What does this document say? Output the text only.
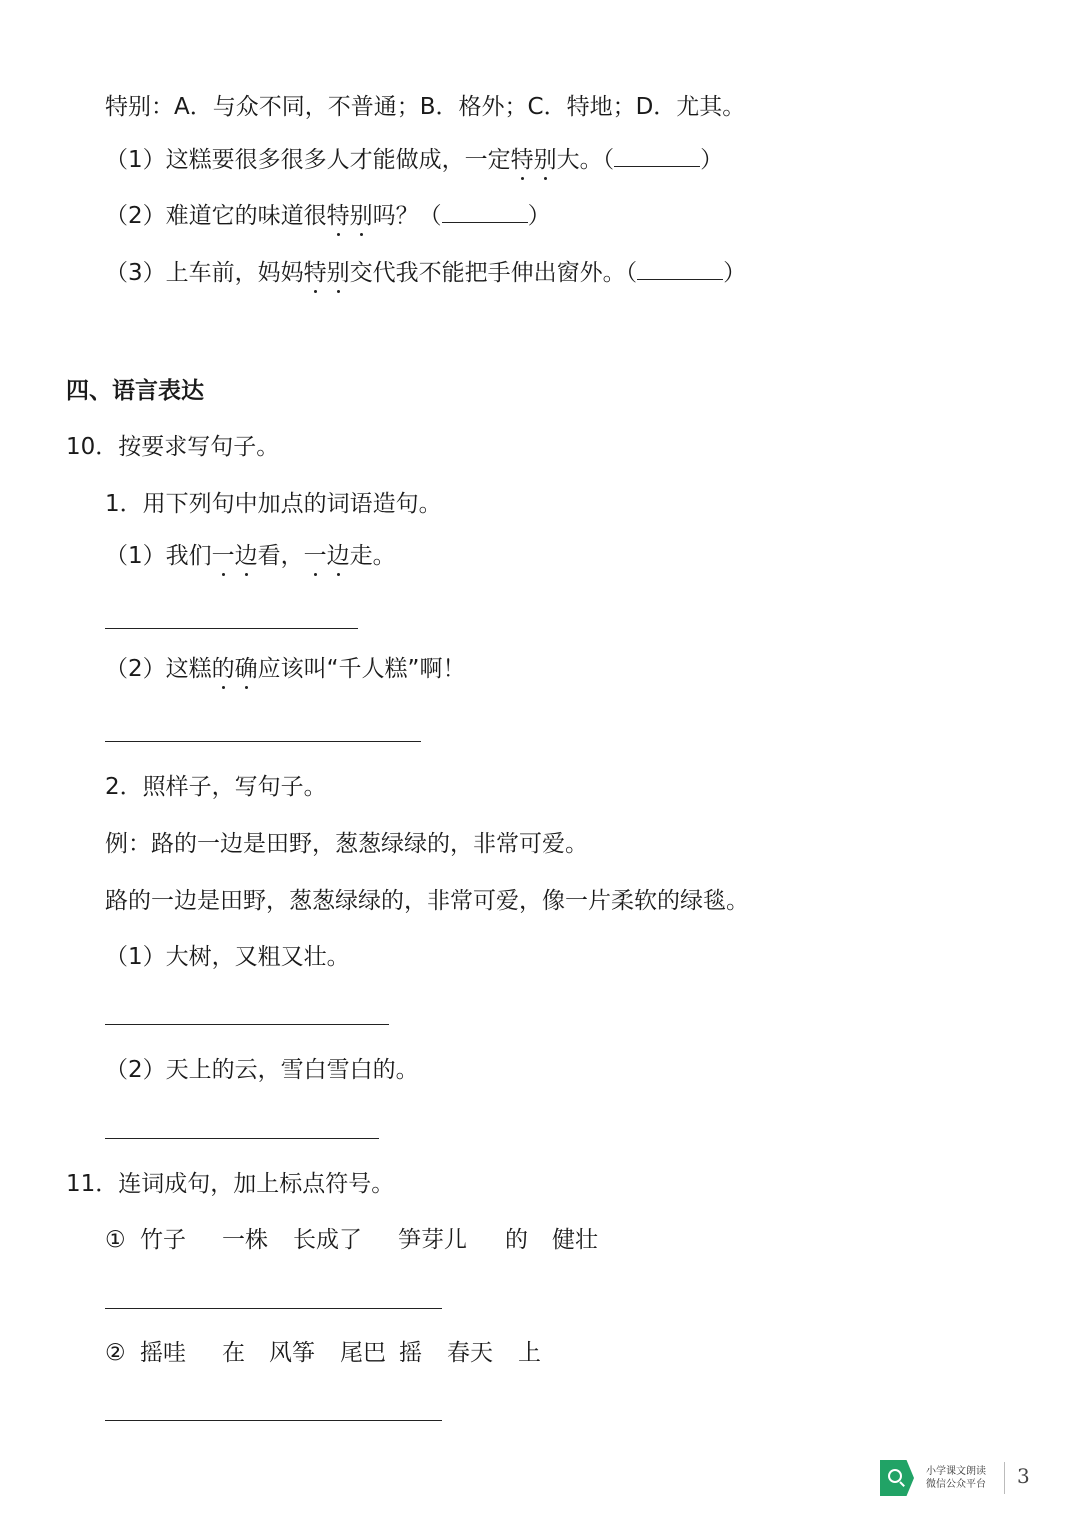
特别：A．与众不同，不普通；B．格外；C．特地；D．尤其。
（1）这糕要很多很多人才能做成，一定特别大。（	）
（2）难道它的味道很特别吗？（	）
（3）上车前，妈妈特别交代我不能把手伸出窗外。（	）
四、语言表达
10．按要求写句子。
1．用下列句中加点的词语造句。
（1）我们一边看，一边走。
（2）这糕的确应该叫“千人糕”啊！
2．照样子，写句子。
例：路的一边是田野，葱葱绿绿的，非常可爱。
路的一边是田野，葱葱绿绿的，非常可爱，像一片柔软的绿毯。
（1）大树，又粗又壮。
（2）天上的云，雪白雪白的。
11．连词成句，加上标点符号。
① 竹子 一株 长成了 笋芽儿 的 健壮
② 摇哇 在 风筝 尾巴 摇 春天 上
小学课文朗读
微信公众平台 3
